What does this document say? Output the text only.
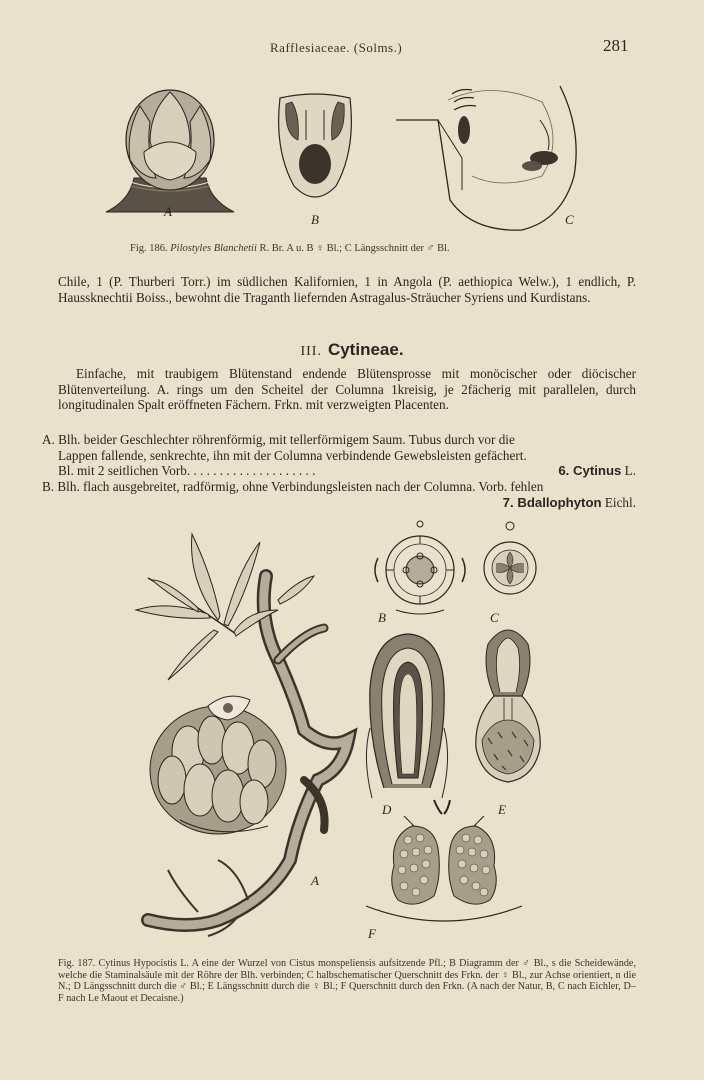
Rafflesiaceae. (Solms.)	281
A
B	C
Fig. 186. Pilostyles Blanchetii R. Br. A u. B ♀ Bl.; C Längsschnitt der ♂ Bl.
Chile, 1 (P. Thurberi Torr.) im südlichen Kalifornien, 1 in Angola (P. aethiopica Welw.), 1 endlich, P. Haussknechtii Boiss., bewohnt die Traganth liefernden Astragalus-Sträucher Syriens und Kurdistans.
III. Cytineae.
Einfache, mit traubigem Blütenstand endende Blütensprosse mit monöcischer oder diöcischer Blütenverteilung. A. rings um den Scheitel der Columna 1kreisig, je 2fächerig mit parallelen, durch longitudinalen Spalt eröffneten Fächern. Frkn. mit verzweigten Placenten.
A. Blh. beider Geschlechter röhrenförmig, mit tellerförmigem Saum. Tubus durch vor die
Lappen fallende, senkrechte, ihn mit der Columna verbindende Gewebsleisten gefächert.
Bl. mit 2 seitlichen Vorb. . . . . . . . . . . . . . . . . . . .	6. Cytinus L.
B. Blh. flach ausgebreitet, radförmig, ohne Verbindungsleisten nach der Columna. Vorb. fehlen
7. Bdallophyton Eichl.
A
B	C
D	E
F
Fig. 187. Cytinus Hypocistis L. A eine der Wurzel von Cistus monspeliensis aufsitzende Pfl.; B Diagramm der ♂ Bl., s die Scheidewände, welche die Staminalsäule mit der Röhre der Blh. verbinden; C halbschematischer Querschnitt des Frkn. der ♀ Bl., zur Achse orientiert, n die N.; D Längsschnitt durch die ♂ Bl.; E Längsschnitt durch die ♀ Bl.; F Querschnitt durch den Frkn. (A nach der Natur, B, C nach Eichler, D–F nach Le Maout et Decaisne.)
